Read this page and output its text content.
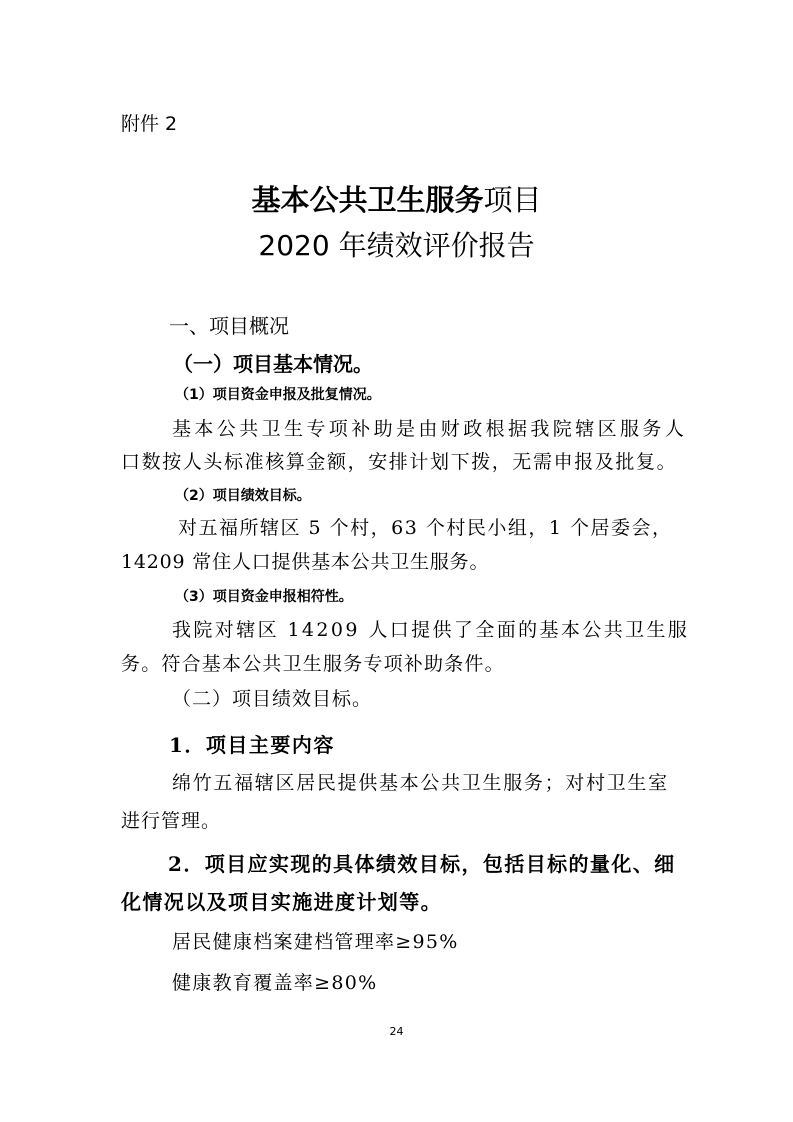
附件 2
基本公共卫生服务项目
2020 年绩效评价报告
一、项目概况
（一）项目基本情况。
（1）项目资金申报及批复情况。
基本公共卫生专项补助是由财政根据我院辖区服务人
口数按人头标准核算金额，安排计划下拨，无需申报及批复。
（2）项目绩效目标。
对五福所辖区 5 个村，63 个村民小组，1 个居委会，
14209 常住人口提供基本公共卫生服务。
（3）项目资金申报相符性。
我院对辖区 14209 人口提供了全面的基本公共卫生服
务。符合基本公共卫生服务专项补助条件。
（二）项目绩效目标。
1．项目主要内容
绵竹五福辖区居民提供基本公共卫生服务；对村卫生室
进行管理。
2．项目应实现的具体绩效目标，包括目标的量化、细
化情况以及项目实施进度计划等。
居民健康档案建档管理率≥95%
健康教育覆盖率≥80%
24
